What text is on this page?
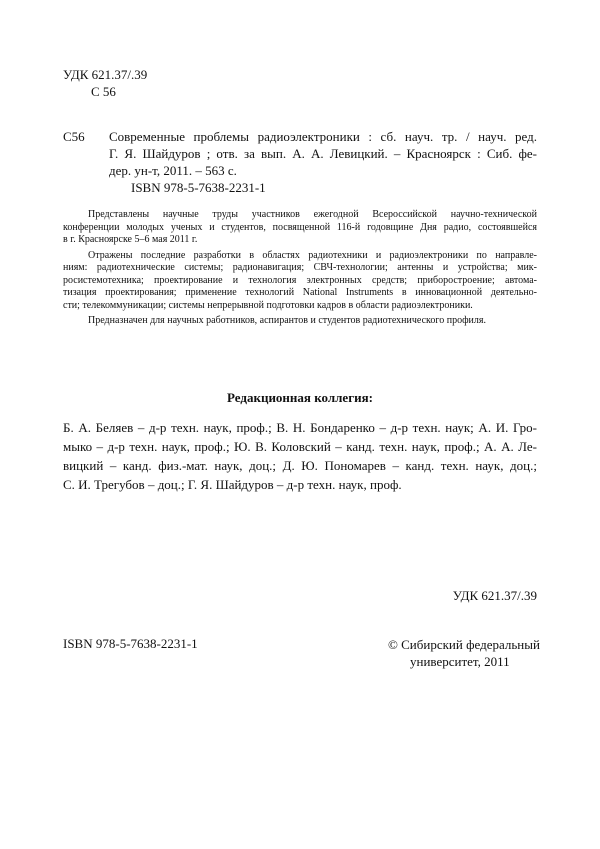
УДК 621.37/.39
С 56
С56 Современные проблемы радиоэлектроники : сб. науч. тр. / науч. ред.
Г. Я. Шайдуров ; отв. за вып. А. А. Левицкий. – Красноярск : Сиб. фе-
дер. ун-т, 2011. – 563 с.
ISBN 978-5-7638-2231-1

Представлены научные труды участников ежегодной Всероссийской научно-технической
конференции молодых ученых и студентов, посвященной 116-й годовщине Дня радио, состоявшейся
в г. Красноярске 5–6 мая 2011 г.

Отражены последние разработки в областях радиотехники и радиоэлектроники по направле-
ниям: радиотехнические системы; радионавигация; СВЧ-технологии; антенны и устройства; мик-
росистемотехника; проектирование и технология электронных средств; приборостроение; автома-
тизация проектирования; применение технологий National Instruments в инновационной деятельно-
сти; телекоммуникации; системы непрерывной подготовки кадров в области радиоэлектроники.

Предназначен для научных работников, аспирантов и студентов радиотехнического профиля.

Редакционная коллегия:
Б. А. Беляев – д-р техн. наук, проф.; В. Н. Бондаренко – д-р техн. наук; А. И. Гро-
мыко – д-р техн. наук, проф.; Ю. В. Коловский – канд. техн. наук, проф.; А. А. Ле-
вицкий – канд. физ.-мат. наук, доц.; Д. Ю. Пономарев – канд. техн. наук, доц.;
С. И. Трегубов – доц.; Г. Я. Шайдуров – д-р техн. наук, проф.
УДК 621.37/.39
ISBN 978-5-7638-2231-1	© Сибирский федеральный
университет, 2011
